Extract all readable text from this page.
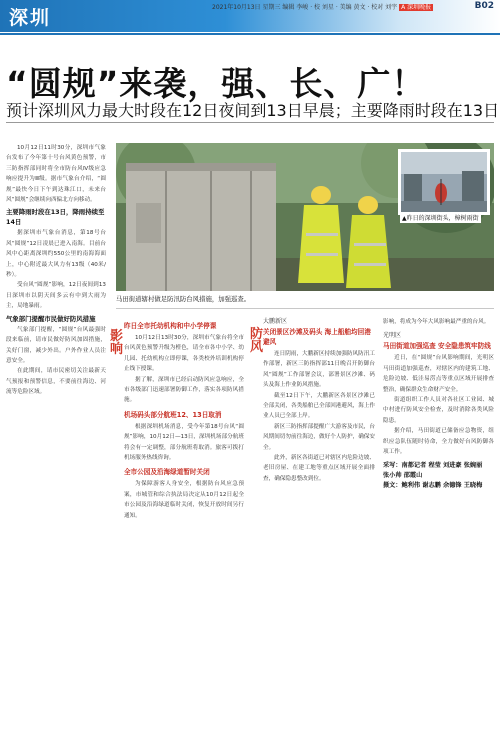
深圳	2021年10月13日 星期三 编辑 李峻 · 校 刘星 · 美编 黄文 · 校对 刘宇 A 深圳晚报	B02
“圆规”来袭，强、长、广！
预计深圳风力最大时段在12日夜间到13日早晨；主要降雨时段在13日

10月12日11时30分，深圳市气象台发布了今年第十号台风黄色预警，市三防指挥部同时将全市防台风Ⅳ级应急响应提升为Ⅲ级。据市气象台介绍，“圆规”最快今日下午到达珠江口，未来台风“圆规”会继续向西偏北方向移动。

主要降雨时段在13日，降雨持续至14日

据深圳市气象台消息，第18号台风“圆规”12日凌晨已进入南海。目前台风中心距离深圳约550公里的南海海面上，中心附近最大风力有13级（40米/秒）。

受台风“圆规”影响，12日夜间到13日深圳市以阴天间多云有中到大雨为主，局地暴雨。

气象部门提醒市民做好防风措施

气象部门提醒，“圆规”台风最强时段来临前，请市民做好防风加固措施，关好门窗，减少外出。户外作业人员注意安全。

在此期间，请市民密切关注最新天气预报和预警信息，不要前往海边、河流等危险区域。

▲昨日的深圳街头，樟树雨街
马田街道辖村做足防汛防台风措施，加强巡查。
影响
防风
昨日全市托幼机构和中小学停课

10月12日13时30分，深圳市气象台将全市台风黄色预警升级为橙色，请全市各中小学、幼儿园、托幼机构立即停课，各类校外培训机构停止线下授课。

据了解，深圳市已经启动防风应急响应，全市各级部门迅速部署防御工作，落实各项防风措施。

机场码头部分航班12、13日取消

根据深圳机场消息，受今年第18号台风“圆规”影响，10月12日—13日，深圳机场部分航班将会有一定调整，部分航班将取消。旅客可拨打机场服务热线咨询。

全市公园及沿海绿道暂时关闭

为保障游客人身安全，根据防台风应急预案，市城管和综合执法局决定从10月12日起全市公园及沿海绿道临时关闭，恢复开放时间另行通知。

大鹏新区
关闭景区沙滩及码头 海上船舶均回港避风

连日阴雨，大鹏新区持续加强防风防汛工作部署，新区三防指挥部11日晚召开防御台风“圆规”工作部署会议，部署景区沙滩、码头及海上作业防风措施。

截至12日下午，大鹏新区各景区沙滩已全部关闭，各类船舶已全部回港避风，海上作业人员已全部上岸。

新区三防指挥部提醒广大游客及市民，台风期间切勿前往海边，做好个人防护，确保安全。

此外，新区各街道已对辖区内危险边坡、老旧房屋、在建工地等重点区域开展全面排查，确保隐患整改到位。

影响，将成为今年大风影响最严重的台风。

光明区
马田街道加强巡查 安全隐患筑牢防线

近日，在“圆规”台风影响期间，光明区马田街道加强巡查，对辖区内的建筑工地、危险边坡、低洼易涝点等重点区域开展排查整治，确保群众生命财产安全。

街道组织工作人员对各社区工业园、城中村进行防风安全检查，及时消除各类风险隐患。

据介绍，马田街道已储备应急物资，组织应急队伍随时待命，全力做好台风防御各项工作。

采写：南都记者 程莹 刘进豪 张婉丽
张小帅 邵霞山
摄文：鲍利伟 谢志鹏 余德锋 王晓梅
